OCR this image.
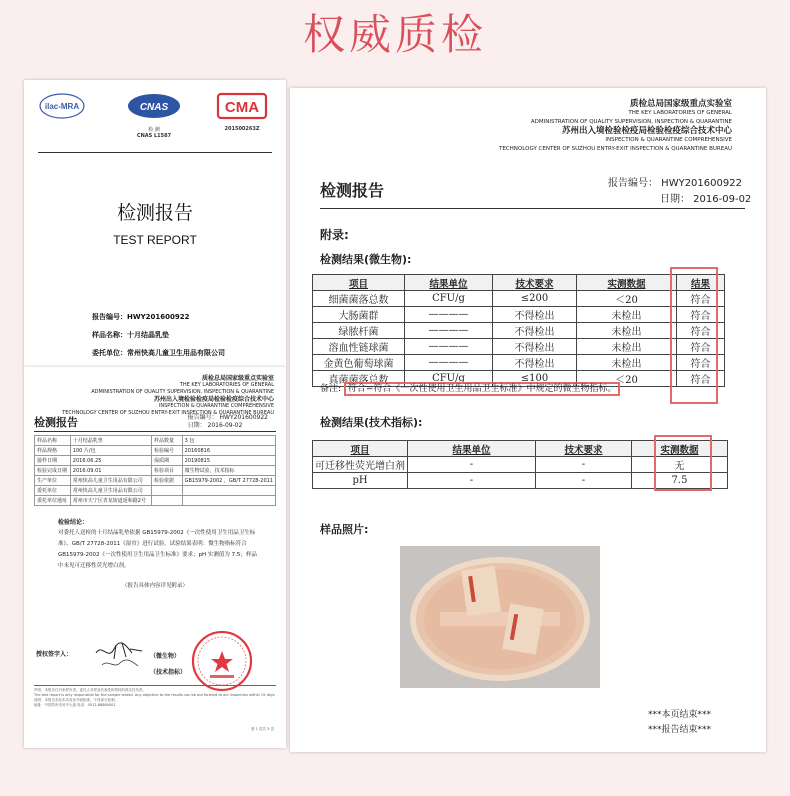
权威质检
ilac-MRA	CNAS
检 测
CNAS L1587
CMA
201500263Z
检测报告
TEST REPORT
报告编号：HWY201600922
样品名称：十月结晶乳垫
委托单位：常州快高儿童卫生用品有限公司
质检总局国家级重点实验室
THE KEY LABORATORIES OF GENERAL
ADMINISTRATION OF QUALITY SUPERVISION, INSPECTION & QUARANTINE
苏州出入境检验检疫局检验检疫综合技术中心
INSPECTION & QUARANTINE COMPREHENSIVE
TECHNOLOGY CENTER OF SUZHOU ENTRY-EXIT INSPECTION & QUARANTINE BUREAU
检测报告	报告编号： HWY201600922
日期： 2016-09-02
样品名称	十月结晶乳垫	样品数量	3 包
样品规格	100 片/包	检验编号	20160816
接样日期	2016.06.25	保质期	20190815
检验完成日期	2016.09.01	检验项目	微生物试验，技术指标
生产单位	常州快高儿童卫生用品有限公司	检验依据	GB15979-2002 ，GB/T 27728-2011
委托单位	常州快高儿童卫生用品有限公司		
委托单位地址	常州市天宁区青龙街道延和路2号		
检验结论：
对委托人送检的十月结晶乳垫依据 GB15979-2002《一次性使用卫生用品卫生标准》、GB/T 27728-2011《湿巾》进行试验。试验结果表明：微生物指标符合 GB15979-2002《一次性使用卫生用品卫生标准》要求；pH 实测值为 7.5；样品中未见可迁移性荧光增白剂。
（报告具体内容详见附录）
授权签字人：	（微生物）
（技术指标）
声明：本报告仅对来样负责。委托人对样品代表性和资料的真实性负责。
The test report is only responsible for the sample tested. Any objection to the results can be put forward to our inspection within 15 days
说明：本报告未经本实验室书面批准，不得部分复制。
地址：中国苏州市吴中大道 电话：0512-88880001
第 1 页共 3 页
质检总局国家级重点实验室
THE KEY LABORATORIES OF GENERAL
ADMINISTRATION OF QUALITY SUPERVISION, INSPECTION & QUARANTINE
苏州出入境检验检疫局检验检疫综合技术中心
INSPECTION & QUARANTINE COMPREHENSIVE
TECHNOLOGY CENTER OF SUZHOU ENTRY-EXIT INSPECTION & QUARANTINE BUREAU
检测报告	报告编号： HWY201600922
日期： 2016-09-02
附录:
检测结果(微生物):
项目	结果单位	技术要求	实测数据	结果
细菌菌落总数	CFU/g	≤200	＜20	符合
大肠菌群	————	不得检出	未检出	符合
绿脓杆菌	————	不得检出	未检出	符合
溶血性链球菌	————	不得检出	未检出	符合
金黄色葡萄球菌	————	不得检出	未检出	符合
真菌菌落总数	CFU/g	≤100	＜20	符合
备注: 符合=符合《一次性使用卫生用品卫生标准》中规定的微生物指标。
检测结果(技术指标):
项目	结果单位	技术要求	实测数据
可迁移性荧光增白剂	-	-	无
pH	-	-	7.5
样品照片:
***本页结束***
***报告结束***
